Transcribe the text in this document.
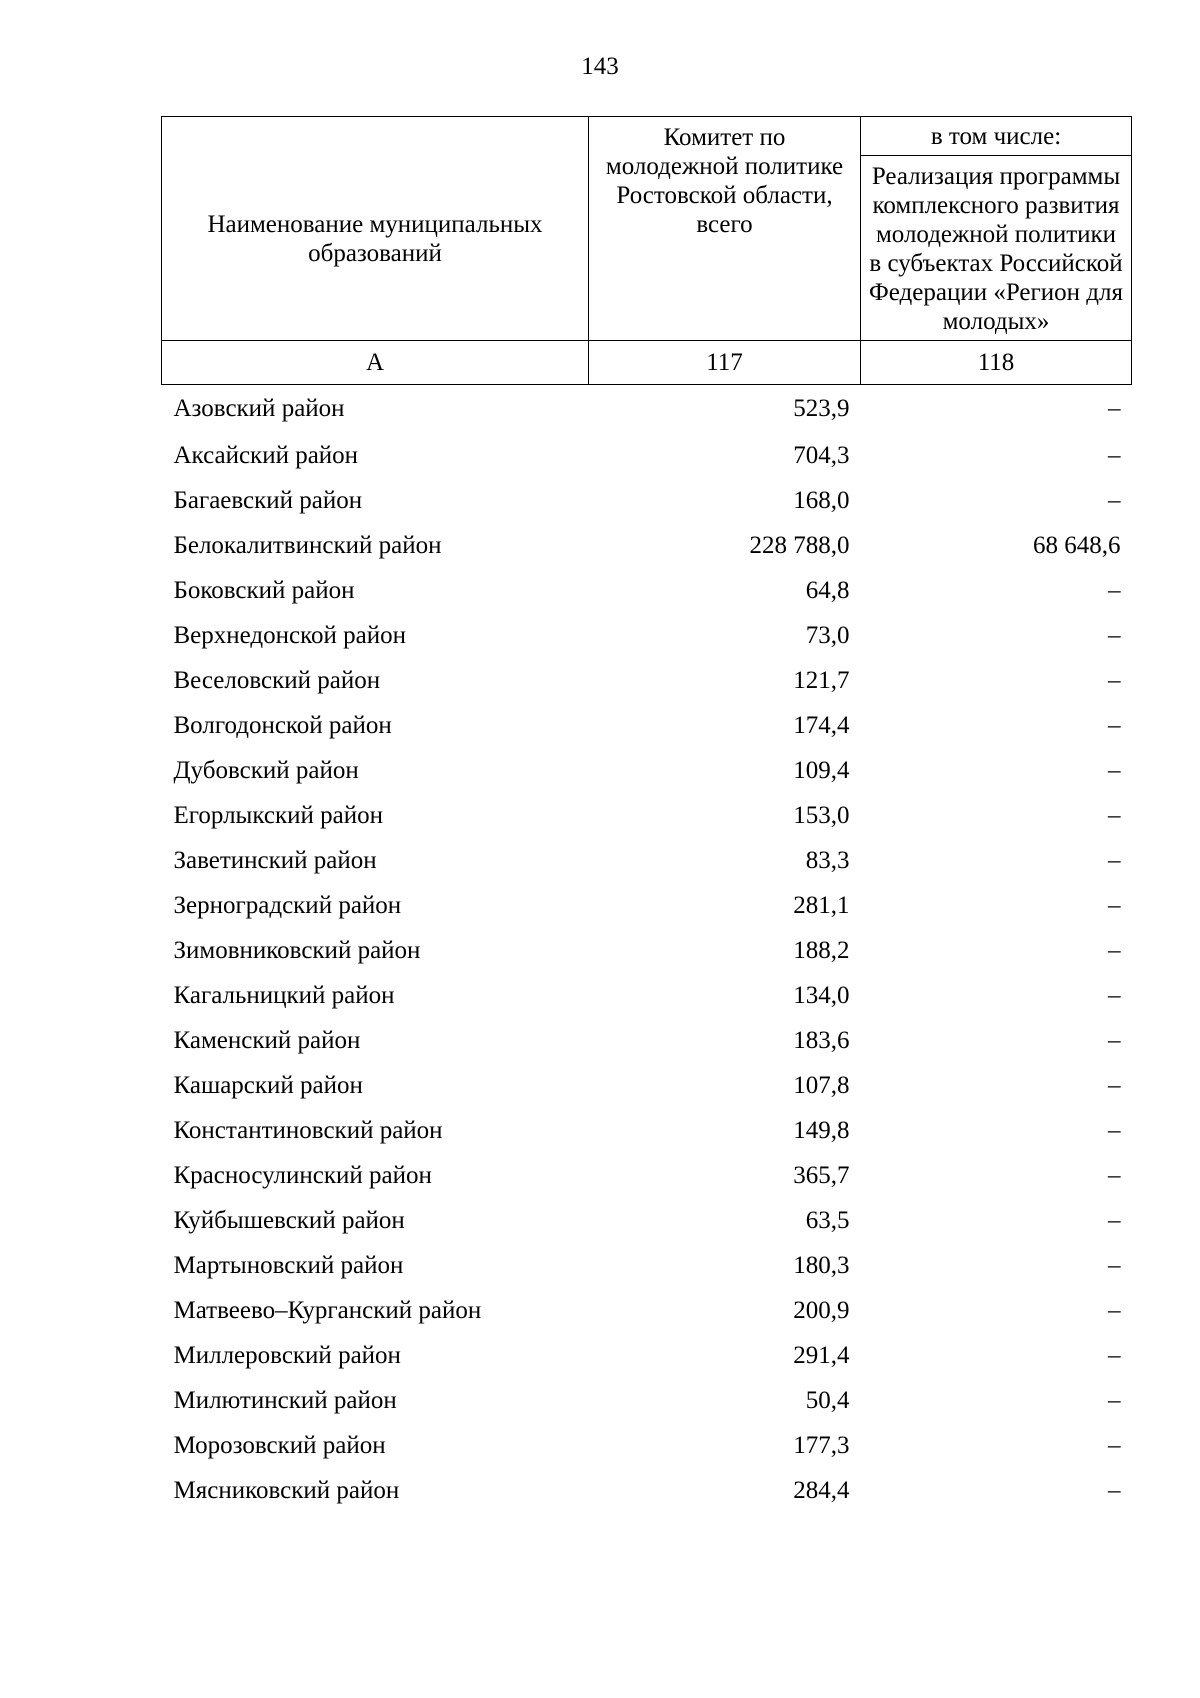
143
Наименование муниципальных образований	Комитет по молодежной политике Ростовской области, всего	в том числе:
		Реализация программы комплексного развития молодежной политики в субъектах Российской Федерации «Регион для молодых»
А	117	118
Азовский район	523,9	–
Аксайский район	704,3	–
Багаевский район	168,0	–
Белокалитвинский район	228 788,0	68 648,6
Боковский район	64,8	–
Верхнедонской район	73,0	–
Веселовский район	121,7	–
Волгодонской район	174,4	–
Дубовский район	109,4	–
Егорлыкский район	153,0	–
Заветинский район	83,3	–
Зерноградский район	281,1	–
Зимовниковский район	188,2	–
Кагальницкий район	134,0	–
Каменский район	183,6	–
Кашарский район	107,8	–
Константиновский район	149,8	–
Красносулинский район	365,7	–
Куйбышевский район	63,5	–
Мартыновский район	180,3	–
Матвеево–Курганский район	200,9	–
Миллеровский район	291,4	–
Милютинский район	50,4	–
Морозовский район	177,3	–
Мясниковский район	284,4	–
